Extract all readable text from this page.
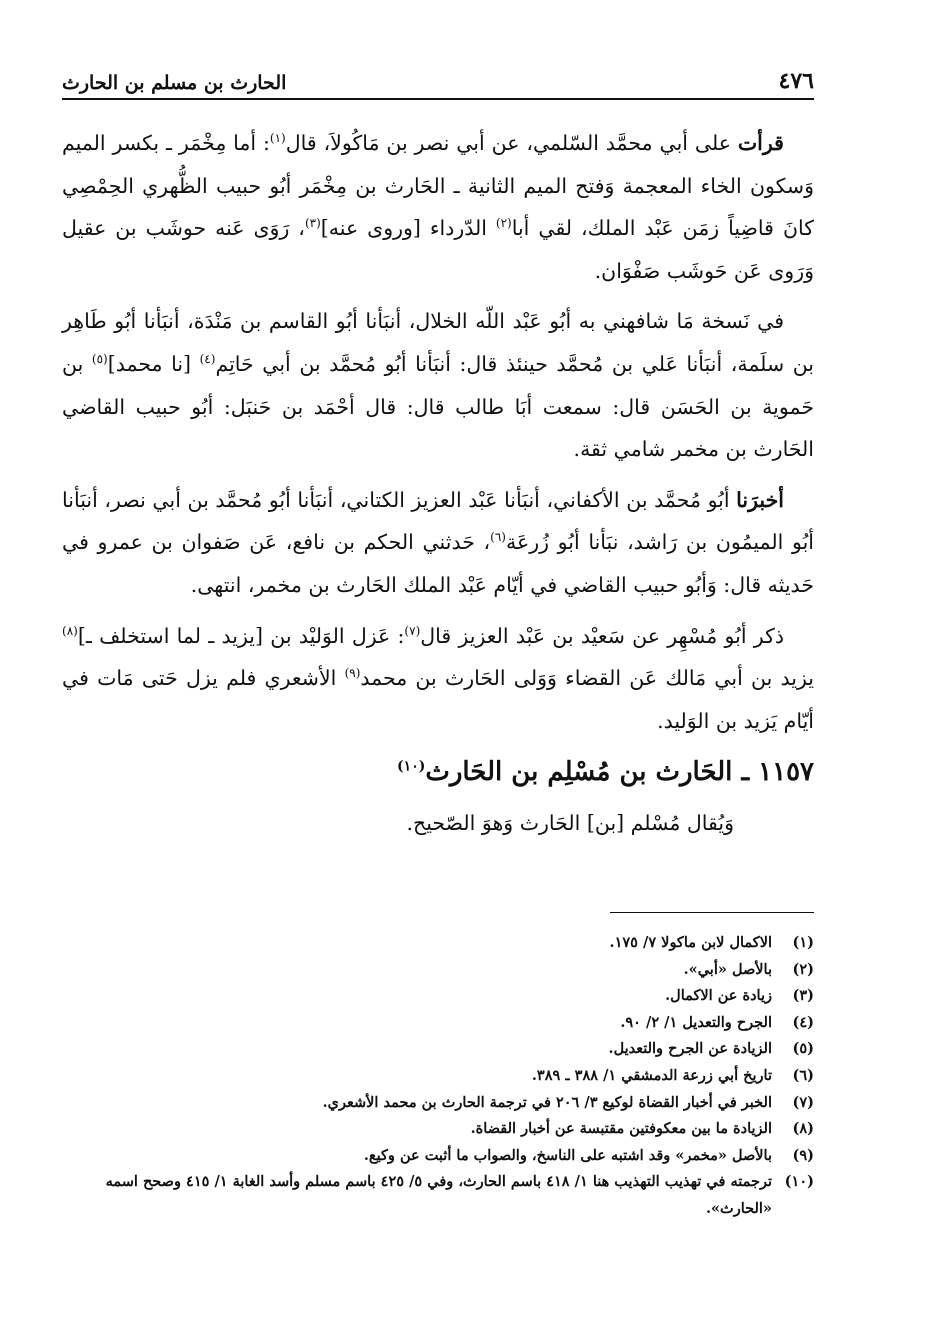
٤٧٦
الحارث بن مسلم بن الحارث

قرأت على أبي محمَّد السّلمي، عن أبي نصر بن مَاكُولاَ، قال$^{(١)}$: أما مِخْمَر ـ بكسر الميم وَسكون الخاء المعجمة وَفتح الميم الثانية ـ الحَارث بن مِخْمَر أبُو حبيب الظُّهري الحِمْصِي كانَ قاضِياً زمَن عَبْد الملك، لقي أبا$^{(٢)}$ الدّرداء [وروى عنه]$^{(٣)}$، رَوَى عَنه حوشَب بن عقيل وَرَوى عَن حَوشَب صَفْوَان.

في نَسخة مَا شافهني به أبُو عَبْد اللّه الخلال، أنبَأنا أبُو القاسم بن مَنْدَة، أنبَأنا أبُو طَاهِر بن سلَمة، أنبَأنا عَلي بن مُحمَّد حينئذ قال: أنبَأنا أبُو مُحمَّد بن أبي حَاتِم$^{(٤)}$ [نا محمد]$^{(٥)}$ بن حَموية بن الحَسَن قال: سمعت أبَا طالب قال: قال أحْمَد بن حَنبَل: أبُو حبيب القاضي الحَارث بن مخمر شامي ثقة.

أخبرَنا أبُو مُحمَّد بن الأكفاني، أنبَأنا عَبْد العزيز الكتاني، أنبَأنا أبُو مُحمَّد بن أبي نصر، أنبَأنا أبُو الميمُون بن رَاشد، نبَأنا أبُو زُرعَة$^{(٦)}$، حَدثني الحكم بن نافع، عَن صَفوان بن عمرو في حَديثه قال: وَأبُو حبيب القاضي في أيّام عَبْد الملك الحَارث بن مخمر، انتهى.

ذكر أبُو مُسْهِر عن سَعيْد بن عَبْد العزيز قال$^{(٧)}$: عَزل الوَليْد بن [يزيد ـ لما استخلف ـ]$^{(٨)}$ يزيد بن أبي مَالك عَن القضاء وَوَلى الحَارث بن محمد$^{(٩)}$ الأشعري فلم يزل حَتى مَات في أيّام يَزيد بن الوَليد.

١١٥٧ ـ الحَارث بن مُسْلِم بن الحَارث$^{(١٠)}$

وَيُقال مُسْلم [بن] الحَارث وَهوَ الصّحيح.

(١)
الاكمال لابن ماكولا ٧/ ١٧٥.
(٢)
بالأصل «أبي».
(٣)
زيادة عن الاكمال.
(٤)
الجرح والتعديل ١/ ٢/ ٩٠.
(٥)
الزيادة عن الجرح والتعديل.
(٦)
تاريخ أبي زرعة الدمشقي ١/ ٣٨٨ ـ ٣٨٩.
(٧)
الخبر في أخبار القضاة لوكيع ٣/ ٢٠٦ في ترجمة الحارث بن محمد الأشعري.
(٨)
الزيادة ما بين معكوفتين مقتبسة عن أخبار القضاة.
(٩)
بالأصل «مخمر» وقد اشتبه على الناسخ، والصواب ما أثبت عن وكيع.
(١٠)
ترجمته في تهذيب التهذيب هنا ١/ ٤١٨ باسم الحارث، وفي ٥/ ٤٢٥ باسم مسلم وأسد الغابة ١/ ٤١٥ وصحح اسمه «الحارث».
